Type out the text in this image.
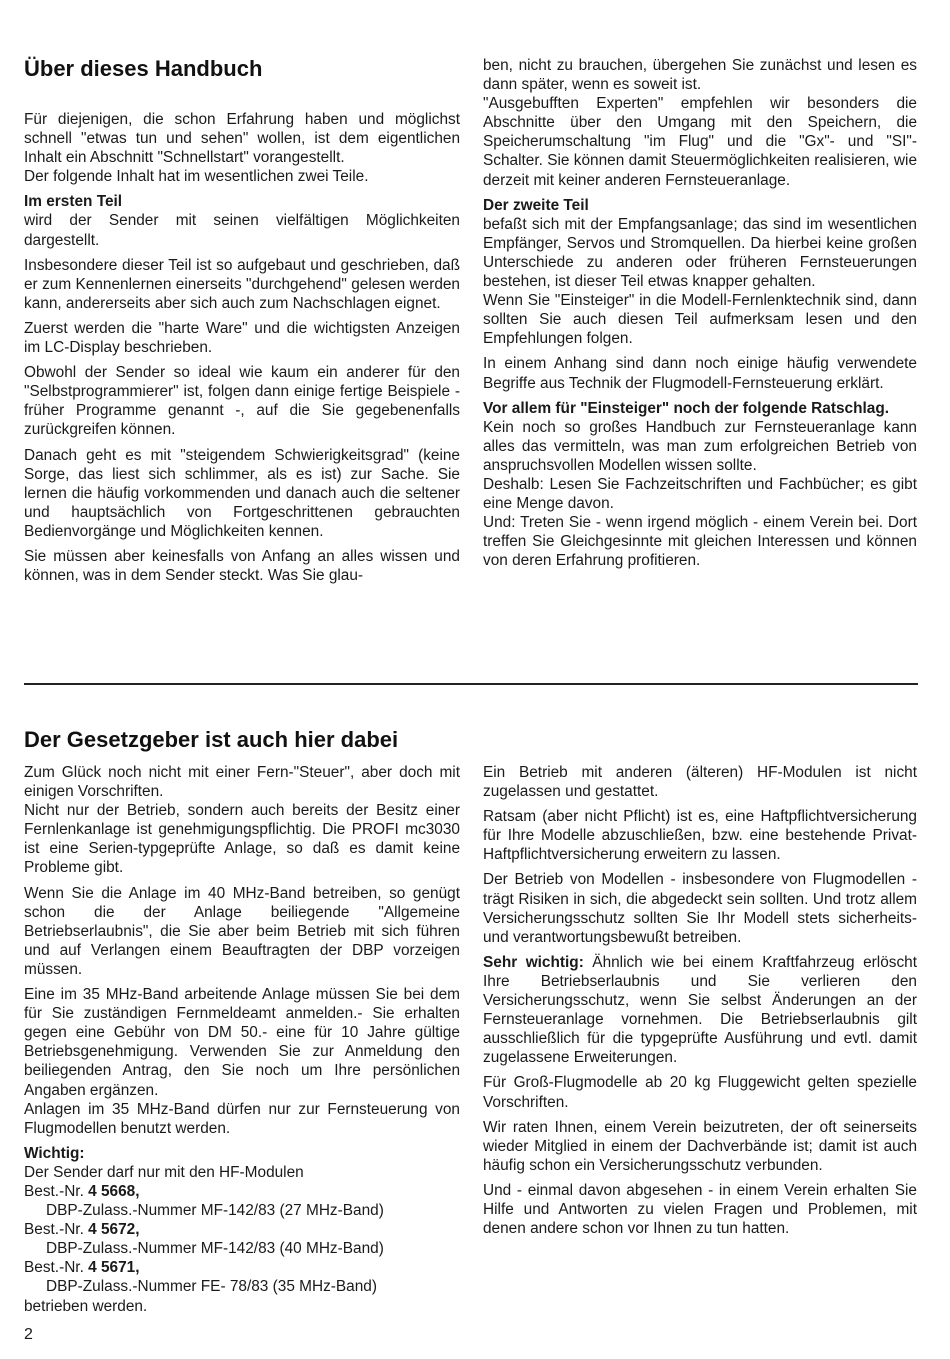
Über dieses Handbuch

Für diejenigen, die schon Erfahrung haben und möglichst schnell "etwas tun und sehen" wollen, ist dem eigentlichen Inhalt ein Abschnitt "Schnellstart" vorangestellt.

Der folgende Inhalt hat im wesentlichen zwei Teile.

Im ersten Teil

wird der Sender mit seinen vielfältigen Möglichkeiten dargestellt.

Insbesondere dieser Teil ist so aufgebaut und geschrieben, daß er zum Kennenlernen einerseits "durchgehend" gelesen werden kann, andererseits aber sich auch zum Nachschlagen eignet.

Zuerst werden die "harte Ware" und die wichtigsten Anzeigen im LC-Display beschrieben.

Obwohl der Sender so ideal wie kaum ein anderer für den "Selbstprogrammierer" ist, folgen dann einige fertige Beispiele - früher Programme genannt -, auf die Sie gegebenenfalls zurückgreifen können.

Danach geht es mit "steigendem Schwierigkeitsgrad" (keine Sorge, das liest sich schlimmer, als es ist) zur Sache. Sie lernen die häufig vorkommenden und danach auch die seltener und hauptsächlich von Fortgeschrittenen gebrauchten Bedienvorgänge und Möglichkeiten kennen.

Sie müssen aber keinesfalls von Anfang an alles wissen und können, was in dem Sender steckt. Was Sie glau-

ben, nicht zu brauchen, übergehen Sie zunächst und lesen es dann später, wenn es soweit ist.

"Ausgebufften Experten" empfehlen wir besonders die Abschnitte über den Umgang mit den Speichern, die Speicherumschaltung "im Flug" und die "Gx"- und "SI"- Schalter. Sie können damit Steuermöglichkeiten realisieren, wie derzeit mit keiner anderen Fernsteueranlage.

Der zweite Teil

befaßt sich mit der Empfangsanlage; das sind im wesentlichen Empfänger, Servos und Stromquellen. Da hierbei keine großen Unterschiede zu anderen oder früheren Fernsteuerungen bestehen, ist dieser Teil etwas knapper gehalten.

Wenn Sie "Einsteiger" in die Modell-Fernlenktechnik sind, dann sollten Sie auch diesen Teil aufmerksam lesen und den Empfehlungen folgen.

In einem Anhang sind dann noch einige häufig verwendete Begriffe aus Technik der Flugmodell-Fernsteuerung erklärt.

Vor allem für "Einsteiger" noch der folgende Ratschlag.

Kein noch so großes Handbuch zur Fernsteueranlage kann alles das vermitteln, was man zum erfolgreichen Betrieb von anspruchsvollen Modellen wissen sollte.

Deshalb: Lesen Sie Fachzeitschriften und Fachbücher; es gibt eine Menge davon.

Und: Treten Sie - wenn irgend möglich - einem Verein bei. Dort treffen Sie Gleichgesinnte mit gleichen Interessen und können von deren Erfahrung profitieren.

Der Gesetzgeber ist auch hier dabei

Zum Glück noch nicht mit einer Fern-"Steuer", aber doch mit einigen Vorschriften.

Nicht nur der Betrieb, sondern auch bereits der Besitz einer Fernlenkanlage ist genehmigungspflichtig. Die PROFI mc3030 ist eine Serien-typgeprüfte Anlage, so daß es damit keine Probleme gibt.

Wenn Sie die Anlage im 40 MHz-Band betreiben, so genügt schon die der Anlage beiliegende "Allgemeine Betriebserlaubnis", die Sie aber beim Betrieb mit sich führen und auf Verlangen einem Beauftragten der DBP vorzeigen müssen.

Eine im 35 MHz-Band arbeitende Anlage müssen Sie bei dem für Sie zuständigen Fernmeldeamt anmelden.- Sie erhalten gegen eine Gebühr von DM 50.- eine für 10 Jahre gültige Betriebsgenehmigung. Verwenden Sie zur Anmeldung den beiliegenden Antrag, den Sie noch um Ihre persönlichen Angaben ergänzen.

Anlagen im 35 MHz-Band dürfen nur zur Fernsteuerung von Flugmodellen benutzt werden.

Wichtig:

Der Sender darf nur mit den HF-Modulen

Best.-Nr. 4 5668,

DBP-Zulass.-Nummer MF-142/83 (27 MHz-Band)

Best.-Nr. 4 5672,

DBP-Zulass.-Nummer MF-142/83 (40 MHz-Band)

Best.-Nr. 4 5671,

DBP-Zulass.-Nummer FE- 78/83 (35 MHz-Band)

betrieben werden.

Ein Betrieb mit anderen (älteren) HF-Modulen ist nicht zugelassen und gestattet.

Ratsam (aber nicht Pflicht) ist es, eine Haftpflichtversicherung für Ihre Modelle abzuschließen, bzw. eine bestehende Privat-Haftpflichtversicherung erweitern zu lassen.

Der Betrieb von Modellen - insbesondere von Flugmodellen - trägt Risiken in sich, die abgedeckt sein sollten. Und trotz allem Versicherungsschutz sollten Sie Ihr Modell stets sicherheits- und verantwortungsbewußt betreiben.

Sehr wichtig: Ähnlich wie bei einem Kraftfahrzeug erlöscht Ihre Betriebserlaubnis und Sie verlieren den Versicherungsschutz, wenn Sie selbst Änderungen an der Fernsteueranlage vornehmen. Die Betriebserlaubnis gilt ausschließlich für die typgeprüfte Ausführung und evtl. damit zugelassene Erweiterungen.

Für Groß-Flugmodelle ab 20 kg Fluggewicht gelten spezielle Vorschriften.

Wir raten Ihnen, einem Verein beizutreten, der oft seinerseits wieder Mitglied in einem der Dachverbände ist; damit ist auch häufig schon ein Versicherungsschutz verbunden.

Und - einmal davon abgesehen - in einem Verein erhalten Sie Hilfe und Antworten zu vielen Fragen und Problemen, mit denen andere schon vor Ihnen zu tun hatten.

2
